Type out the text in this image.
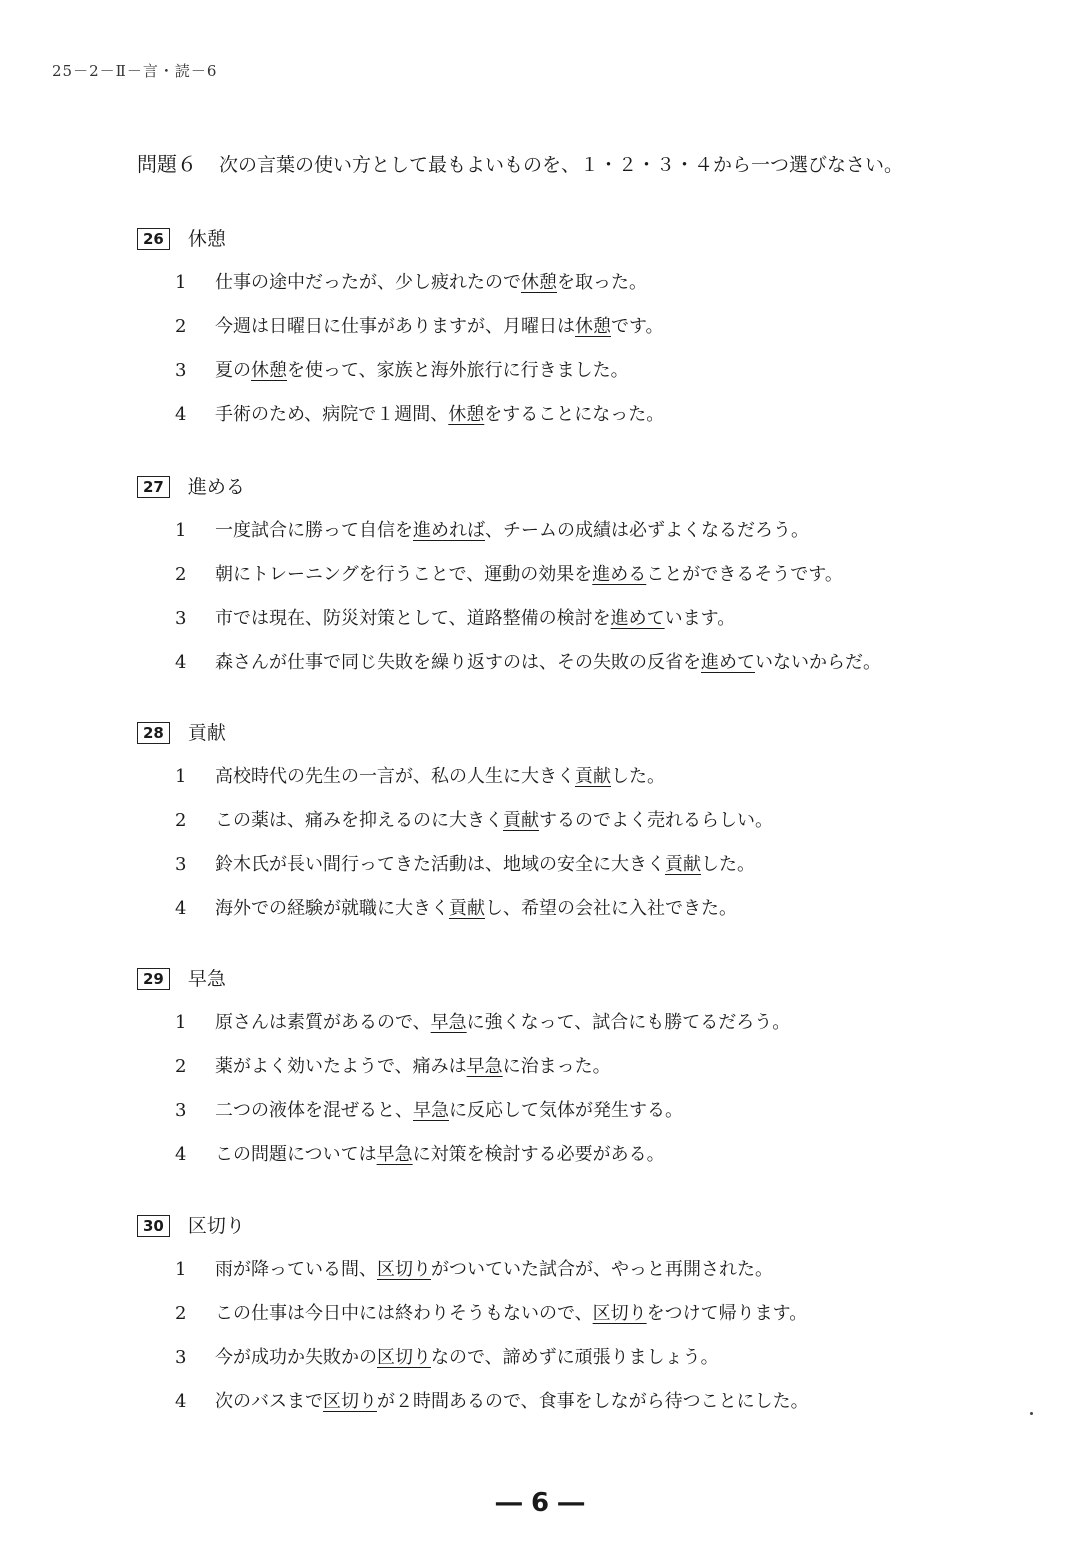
25－2－Ⅱ－言・読－6
問題６ 次の言葉の使い方として最もよいものを、１・２・３・４から一つ選びなさい。
26	休憩
1	仕事の途中だったが、少し疲れたので休憩を取った。
2	今週は日曜日に仕事がありますが、月曜日は休憩です。
3	夏の休憩を使って、家族と海外旅行に行きました。
4	手術のため、病院で１週間、休憩をすることになった。
27	進める
1	一度試合に勝って自信を進めれば、チームの成績は必ずよくなるだろう。
2	朝にトレーニングを行うことで、運動の効果を進めることができるそうです。
3	市では現在、防災対策として、道路整備の検討を進めています。
4	森さんが仕事で同じ失敗を繰り返すのは、その失敗の反省を進めていないからだ。
28	貢献
1	高校時代の先生の一言が、私の人生に大きく貢献した。
2	この薬は、痛みを抑えるのに大きく貢献するのでよく売れるらしい。
3	鈴木氏が長い間行ってきた活動は、地域の安全に大きく貢献した。
4	海外での経験が就職に大きく貢献し、希望の会社に入社できた。
29	早急
1	原さんは素質があるので、早急に強くなって、試合にも勝てるだろう。
2	薬がよく効いたようで、痛みは早急に治まった。
3	二つの液体を混ぜると、早急に反応して気体が発生する。
4	この問題については早急に対策を検討する必要がある。
30	区切り
1	雨が降っている間、区切りがついていた試合が、やっと再開された。
2	この仕事は今日中には終わりそうもないので、区切りをつけて帰ります。
3	今が成功か失敗かの区切りなので、諦めずに頑張りましょう。
4	次のバスまで区切りが２時間あるので、食事をしながら待つことにした。
― 6 ―
